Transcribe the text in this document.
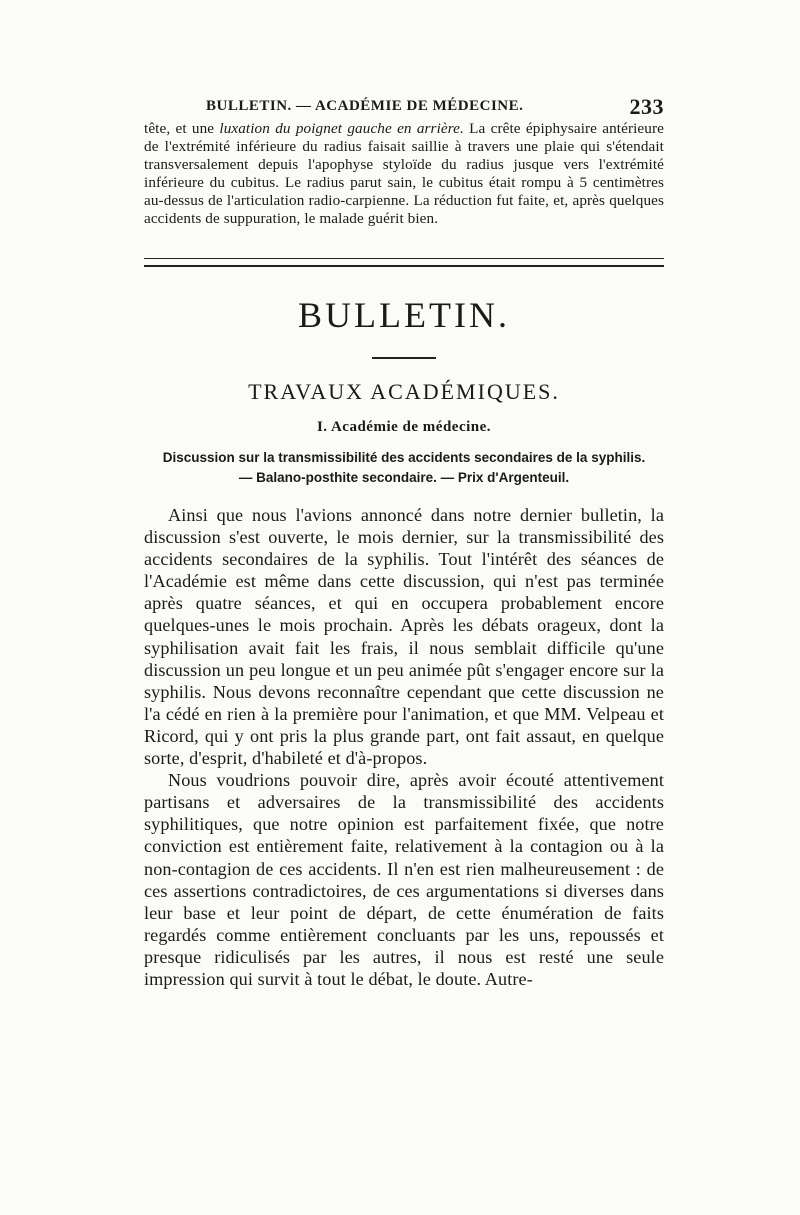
BULLETIN. — ACADÉMIE DE MÉDECINE.	233

tête, et une luxation du poignet gauche en arrière. La crête épiphysaire antérieure de l'extrémité inférieure du radius faisait saillie à travers une plaie qui s'étendait transversalement depuis l'apophyse styloïde du radius jusque vers l'extrémité inférieure du cubitus. Le radius parut sain, le cubitus était rompu à 5 centimètres au-dessus de l'articulation radio-carpienne. La réduction fut faite, et, après quelques accidents de suppuration, le malade guérit bien.

BULLETIN.
TRAVAUX ACADÉMIQUES.
I. Académie de médecine.
Discussion sur la transmissibilité des accidents secondaires de la syphilis.
— Balano-posthite secondaire. — Prix d'Argenteuil.

Ainsi que nous l'avions annoncé dans notre dernier bulletin, la discussion s'est ouverte, le mois dernier, sur la transmissibilité des accidents secondaires de la syphilis. Tout l'intérêt des séances de l'Académie est même dans cette discussion, qui n'est pas terminée après quatre séances, et qui en occupera probablement encore quelques-unes le mois prochain. Après les débats orageux, dont la syphilisation avait fait les frais, il nous semblait difficile qu'une discussion un peu longue et un peu animée pût s'engager encore sur la syphilis. Nous devons reconnaître cependant que cette discussion ne l'a cédé en rien à la première pour l'animation, et que MM. Velpeau et Ricord, qui y ont pris la plus grande part, ont fait assaut, en quelque sorte, d'esprit, d'habileté et d'à-propos.

Nous voudrions pouvoir dire, après avoir écouté attentivement partisans et adversaires de la transmissibilité des accidents syphilitiques, que notre opinion est parfaitement fixée, que notre conviction est entièrement faite, relativement à la contagion ou à la non-contagion de ces accidents. Il n'en est rien malheureusement : de ces assertions contradictoires, de ces argumentations si diverses dans leur base et leur point de départ, de cette énumération de faits regardés comme entièrement concluants par les uns, repoussés et presque ridiculisés par les autres, il nous est resté une seule impression qui survit à tout le débat, le doute. Autre-
